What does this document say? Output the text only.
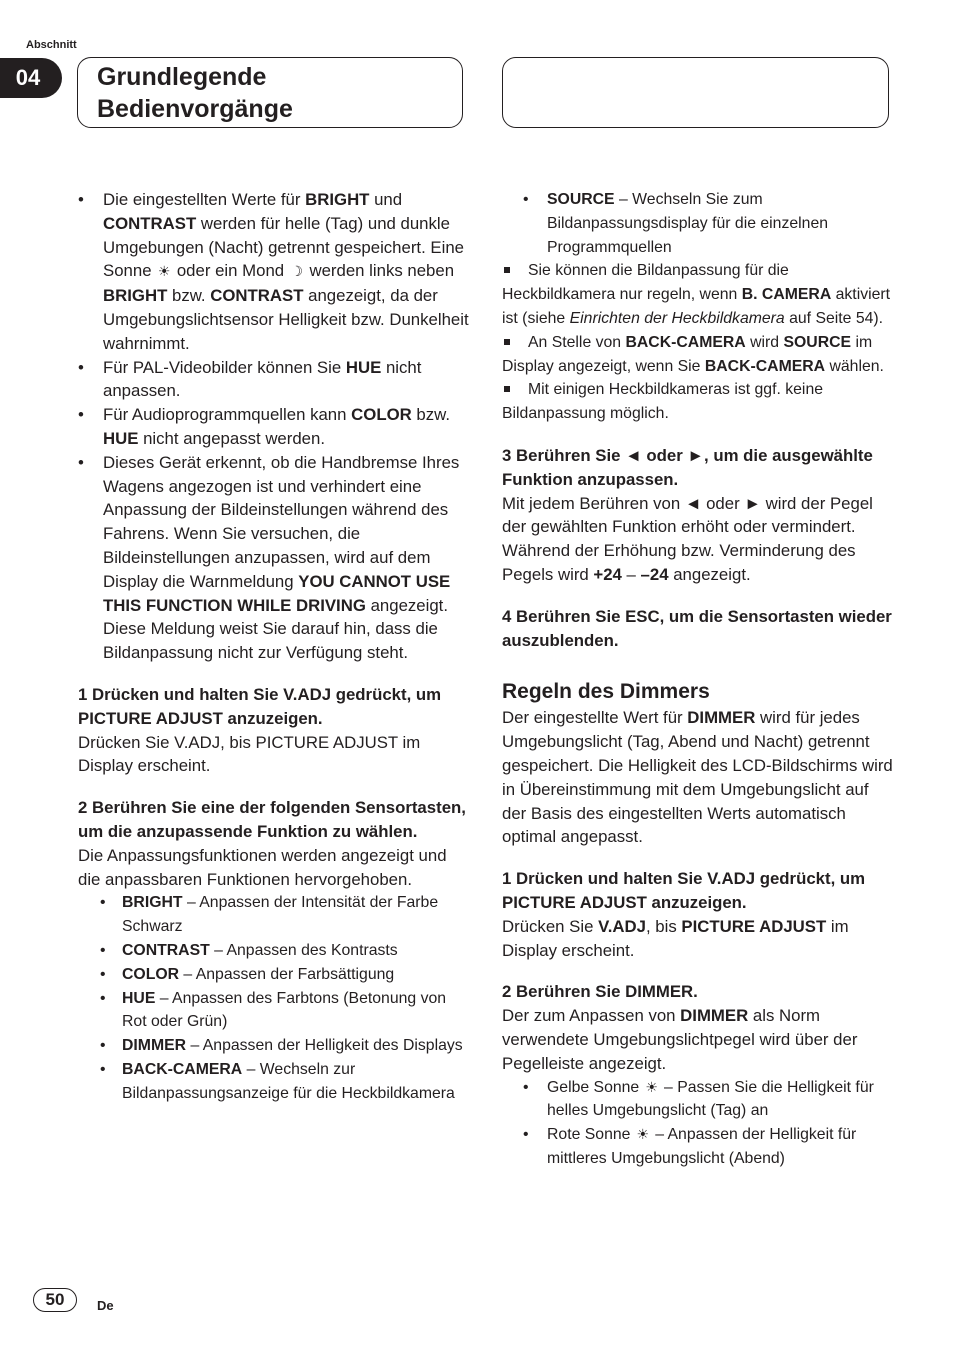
Abschnitt
04	Grundlegende
Bedienvorgänge
• Die eingestellten Werte für BRIGHT und CONTRAST werden für helle (Tag) und dunkle Umgebungen (Nacht) getrennt gespeichert. Eine Sonne ☀ oder ein Mond ☽ werden links neben BRIGHT bzw. CONTRAST angezeigt, da der Umgebungslichtsensor Helligkeit bzw. Dunkelheit wahrnimmt.
• Für PAL-Videobilder können Sie HUE nicht anpassen.
• Für Audioprogrammquellen kann COLOR bzw. HUE nicht angepasst werden.
• Dieses Gerät erkennt, ob die Handbremse Ihres Wagens angezogen ist und verhindert eine Anpassung der Bildeinstellungen während des Fahrens. Wenn Sie versuchen, die Bildeinstellungen anzupassen, wird auf dem Display die Warnmeldung YOU CANNOT USE THIS FUNCTION WHILE DRIVING angezeigt. Diese Meldung weist Sie darauf hin, dass die Bildanpassung nicht zur Verfügung steht.

1 Drücken und halten Sie V.ADJ gedrückt, um PICTURE ADJUST anzuzeigen.

Drücken Sie V.ADJ, bis PICTURE ADJUST im Display erscheint.

2 Berühren Sie eine der folgenden Sensortasten, um die anzupassende Funktion zu wählen.

Die Anpassungsfunktionen werden angezeigt und die anpassbaren Funktionen hervorgehoben.

• BRIGHT – Anpassen der Intensität der Farbe Schwarz
• CONTRAST – Anpassen des Kontrasts
• COLOR – Anpassen der Farbsättigung
• HUE – Anpassen des Farbtons (Betonung von Rot oder Grün)
• DIMMER – Anpassen der Helligkeit des Displays
• BACK-CAMERA – Wechseln zur Bildanpassungsanzeige für die Heckbildkamera
• SOURCE – Wechseln Sie zum Bildanpassungsdisplay für die einzelnen Programmquellen
Sie können die Bildanpassung für die Heckbildkamera nur regeln, wenn B. CAMERA aktiviert ist (siehe Einrichten der Heckbildkamera auf Seite 54).
An Stelle von BACK-CAMERA wird SOURCE im Display angezeigt, wenn Sie BACK-CAMERA wählen.
Mit einigen Heckbildkameras ist ggf. keine Bildanpassung möglich.

3 Berühren Sie ◄ oder ►, um die ausgewählte Funktion anzupassen.

Mit jedem Berühren von ◄ oder ► wird der Pegel der gewählten Funktion erhöht oder vermindert. Während der Erhöhung bzw. Verminderung des Pegels wird +24 – –24 angezeigt.

4 Berühren Sie ESC, um die Sensortasten wieder auszublenden.

Regeln des Dimmers

Der eingestellte Wert für DIMMER wird für jedes Umgebungslicht (Tag, Abend und Nacht) getrennt gespeichert. Die Helligkeit des LCD-Bildschirms wird in Übereinstimmung mit dem Umgebungslicht auf der Basis des eingestellten Werts automatisch optimal angepasst.

1 Drücken und halten Sie V.ADJ gedrückt, um PICTURE ADJUST anzuzeigen.

Drücken Sie V.ADJ, bis PICTURE ADJUST im Display erscheint.

2 Berühren Sie DIMMER.

Der zum Anpassen von DIMMER als Norm verwendete Umgebungslichtpegel wird über der Pegelleiste angezeigt.

• Gelbe Sonne ☀ – Passen Sie die Helligkeit für helles Umgebungslicht (Tag) an
• Rote Sonne ☀ – Anpassen der Helligkeit für mittleres Umgebungslicht (Abend)
50	De
